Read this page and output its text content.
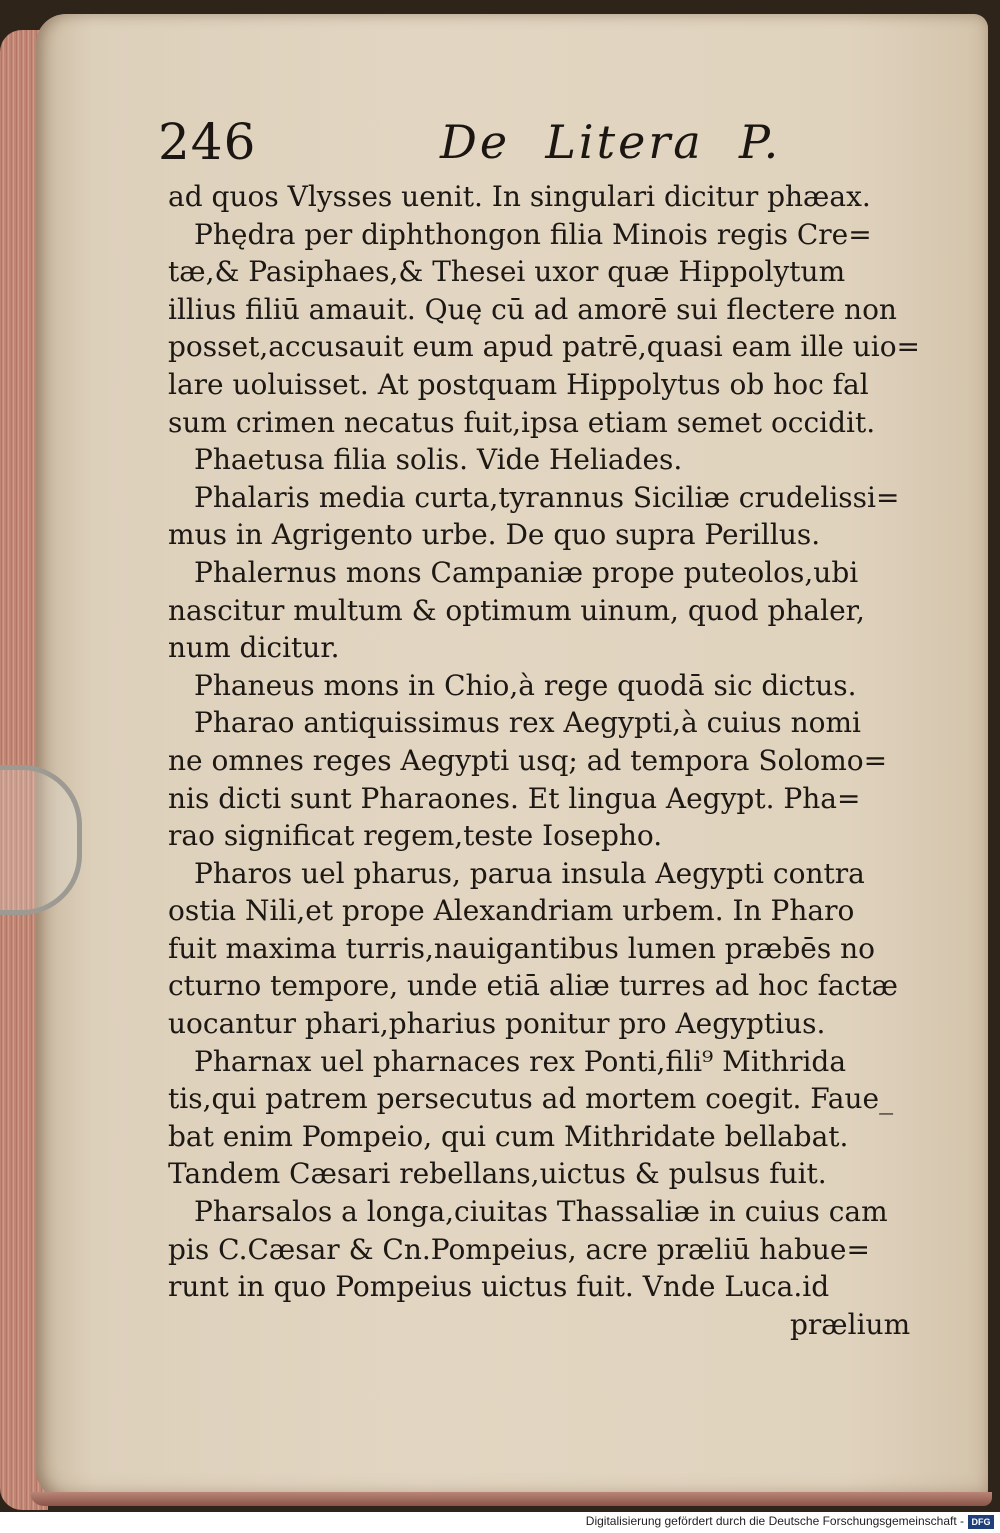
246	De  Litera  P.
ad quos Vlysses uenit. In singulari dicitur phæax.
Phędra per diphthongon filia Minois regis Cre=
tæ,& Pasiphaes,& Thesei uxor quæ Hippolytum
illius filiū amauit. Quę cū ad amorē sui flectere non
posset,accusauit eum apud patrē,quasi eam ille uio=
lare uoluisset. At postquam Hippolytus ob hoc fal
sum crimen necatus fuit,ipsa etiam semet occidit.
Phaetusa filia solis. Vide Heliades.
Phalaris media curta,tyrannus Siciliæ crudelissi=
mus in Agrigento urbe. De quo supra Perillus.
Phalernus mons Campaniæ prope puteolos,ubi
nascitur multum & optimum uinum, quod phaler,
num dicitur.
Phaneus mons in Chio,à rege quodā sic dictus.
Pharao antiquissimus rex Aegypti,à cuius nomi
ne omnes reges Aegypti usq; ad tempora Solomo=
nis dicti sunt Pharaones. Et lingua Aegypt. Pha=
rao significat regem,teste Iosepho.
Pharos uel pharus, parua insula Aegypti contra
ostia Nili,et prope Alexandriam urbem. In Pharo
fuit maxima turris,nauigantibus lumen præbēs no
cturno tempore, unde etiā aliæ turres ad hoc factæ
uocantur phari,pharius ponitur pro Aegyptius.
Pharnax uel pharnaces rex Ponti,fili⁹ Mithrida
tis,qui patrem persecutus ad mortem coegit. Faue_
bat enim Pompeio, qui cum Mithridate bellabat.
Tandem Cæsari rebellans,uictus & pulsus fuit.
Pharsalos a longa,ciuitas Thassaliæ in cuius cam
pis C.Cæsar & Cn.Pompeius, acre præliū habue=
runt in quo Pompeius uictus fuit. Vnde Luca.id
prælium
Digitalisierung gefördert durch die Deutsche Forschungsgemeinschaft - DFG
